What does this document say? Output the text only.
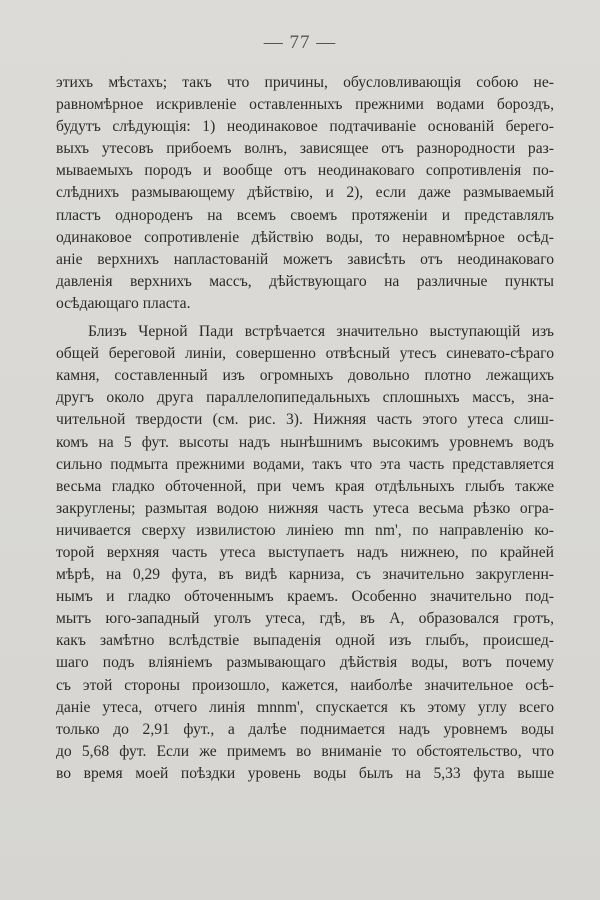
— 77 —
этихъ мѣстахъ; такъ что причины, обусловливающія собою не-
равномѣрное искривленіе оставленныхъ прежними водами бороздъ,
будутъ слѣдующія: 1) неодинаковое подтачиваніе основаній берего-
выхъ утесовъ прибоемъ волнъ, зависящее отъ разнородности раз-
мываемыхъ породъ и вообще отъ неодинаковаго сопротивленія по-
слѣднихъ размывающему дѣйствію, и 2), если даже размываемый
пластъ однороденъ на всемъ своемъ протяженіи и представлялъ
одинаковое сопротивленіе дѣйствію воды, то неравномѣрное осѣд-
аніе верхнихъ напластованій можетъ зависѣть отъ неодинаковаго
давленія верхнихъ массъ, дѣйствующаго на различные пункты
осѣдающаго пласта.
Близъ Черной Пади встрѣчается значительно выступающій изъ
общей береговой линіи, совершенно отвѣсный утесъ синевато-сѣраго
камня, составленный изъ огромныхъ довольно плотно лежащихъ
другъ около друга параллелопипедальныхъ сплошныхъ массъ, зна-
чительной твердости (см. рис. 3). Нижняя часть этого утеса слиш-
комъ на 5 фут. высоты надъ нынѣшнимъ высокимъ уровнемъ водъ
сильно подмыта прежними водами, такъ что эта часть представляется
весьма гладко обточенной, при чемъ края отдѣльныхъ глыбъ также
закруглены; размытая водою нижняя часть утеса весьма рѣзко огра-
ничивается сверху извилистою линіею mn nm', по направленію ко-
торой верхняя часть утеса выступаетъ надъ нижнею, по крайней
мѣрѣ, на 0,29 фута, въ видѣ карниза, съ значительно закругленн-
нымъ и гладко обточеннымъ краемъ. Особенно значительно под-
мытъ юго-западный уголъ утеса, гдѣ, въ А, образовался гротъ,
какъ замѣтно вслѣдствіе выпаденія одной изъ глыбъ, происшед-
шаго подъ вліяніемъ размывающаго дѣйствія воды, вотъ почему
съ этой стороны произошло, кажется, наиболѣе значительное осѣ-
даніе утеса, отчего линія mnnm', спускается къ этому углу всего
только до 2,91 фут., а далѣе поднимается надъ уровнемъ воды
до 5,68 фут. Если же примемъ во вниманіе то обстоятельство, что
во время моей поѣздки уровень воды былъ на 5,33 фута выше
